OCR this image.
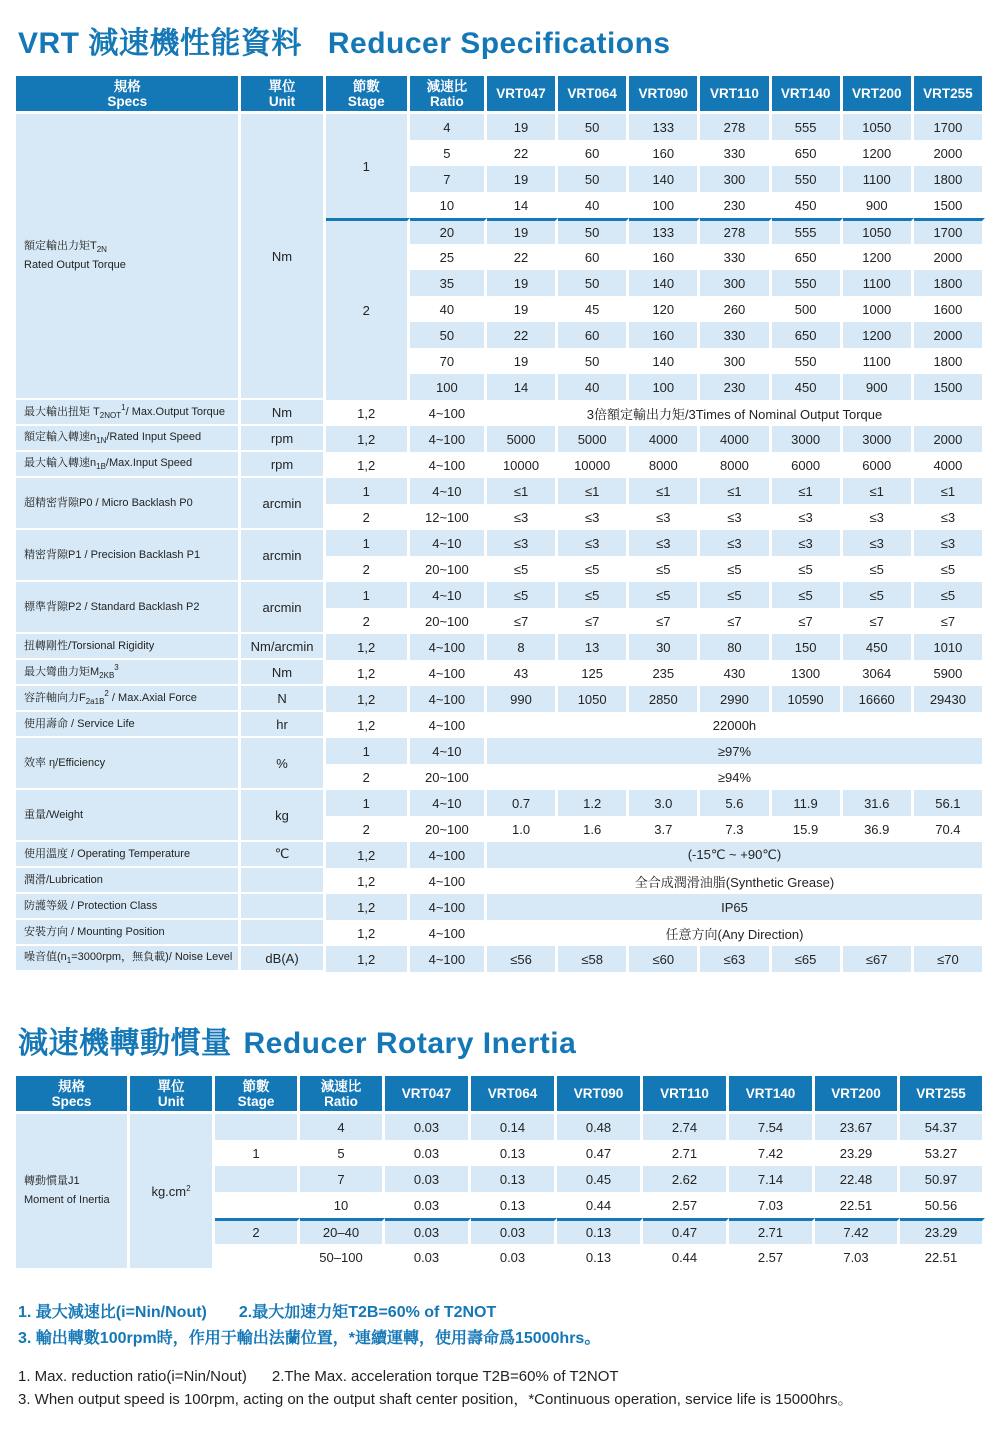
VRT 減速機性能資料 Reducer Specifications
規格
Specs

單位
Unit

節數
Stage

減速比
Ratio	VRT047	VRT064	VRT090	VRT110	VRT140	VRT200	VRT255

額定輸出力矩$T_{2N}$
Rated Output Torque	Nm	1	4	19	50	133	278	555	1050	1700
			5	22	60	160	330	650	1200	2000
			7	19	50	140	300	550	1100	1800
			10	14	40	100	230	450	900	1500
		2	20	19	50	133	278	555	1050	1700
			25	22	60	160	330	650	1200	2000
			35	19	50	140	300	550	1100	1800
			40	19	45	120	260	500	1000	1600
			50	22	60	160	330	650	1200	2000
			70	19	50	140	300	550	1100	1800
			100	14	40	100	230	450	900	1500

最大輸出扭矩 $T_{2NOT}^1/$ Max.Output Torque	Nm	1,2	4~100	3倍額定輸出力矩/3Times of Nominal Output Torque						

額定輸入轉速$n_{1N}$/Rated Input Speed	rpm	1,2	4~100	5000	5000	4000	4000	3000	3000	2000

最大輸入轉速$n_{1B}/Max.Input$ Speed	rpm	1,2	4~100	10000	10000	8000	8000	6000	6000	4000

超精密背隙P0 / Micro Backlash P0	arcmin	1	4~10	≤1	≤1	≤1	≤1	≤1	≤1	≤1
		2	12~100	≤3	≤3	≤3	≤3	≤3	≤3	≤3

精密背隙P1 / Precision Backlash P1	arcmin	1	4~10	≤3	≤3	≤3	≤3	≤3	≤3	≤3
		2	20~100	≤5	≤5	≤5	≤5	≤5	≤5	≤5

標準背隙P2 / Standard Backlash P2	arcmin	1	4~10	≤5	≤5	≤5	≤5	≤5	≤5	≤5
		2	20~100	≤7	≤7	≤7	≤7	≤7	≤7	≤7

扭轉剛性/Torsional Rigidity	Nm/arcmin	1,2	4~100	8	13	30	80	150	450	1010

最大彎曲力矩$M_{2KB}^3$	Nm	1,2	4~100	43	125	235	430	1300	3064	5900

容許軸向力$F_{2a1B}^2$ / Max.Axial Force	N	1,2	4~100	990	1050	2850	2990	10590	16660	29430

使用壽命 / Service Life	hr	1,2	4~100	22000h						

效率 η/Efficiency	%	1	4~10	≥97%						
		2	20~100	≥94%						

重量/Weight	kg	1	4~10	0.7	1.2	3.0	5.6	11.9	31.6	56.1
		2	20~100	1.0	1.6	3.7	7.3	15.9	36.9	70.4

使用溫度 / Operating Temperature	℃	1,2	4~100	(-15℃ ~ +90℃)						

潤滑/Lubrication		1,2	4~100	全合成潤滑油脂(Synthetic Grease)						

防護等級 / Protection Class		1,2	4~100	IP65						

安裝方向 / Mounting Position		1,2	4~100	任意方向(Any Direction)						

噪音值($n_1=3000rpm$，無負載)/ Noise Level	dB(A)	1,2	4~100	≤56	≤58	≤60	≤63	≤65	≤67	≤70
減速機轉動慣量 Reducer Rotary Inertia
規格
Specs

單位
Unit

節數
Stage

減速比
Ratio	VRT047	VRT064	VRT090	VRT110	VRT140	VRT200	VRT255

轉動慣量J1
Moment of Inertia	$kg.cm^2$		4	0.03	0.14	0.48	2.74	7.54	23.67	54.37
		1	5	0.03	0.13	0.47	2.71	7.42	23.29	53.27
			7	0.03	0.13	0.45	2.62	7.14	22.48	50.97
			10	0.03	0.13	0.44	2.57	7.03	22.51	50.56
		2	20–40	0.03	0.03	0.13	0.47	2.71	7.42	23.29
			50–100	0.03	0.03	0.13	0.44	2.57	7.03	22.51
1. 最大減速比(i=Nin/Nout)　　2.最大加速力矩T2B=60% of T2NOT
3. 輸出轉數100rpm時，作用于輸出法蘭位置，*連續運轉，使用壽命爲15000hrs。
1. Max. reduction ratio(i=Nin/Nout)      2.The Max. acceleration torque T2B=60% of T2NOT
3. When output speed is 100rpm, acting on the output shaft center position，*Continuous operation, service life is 15000hrs。
